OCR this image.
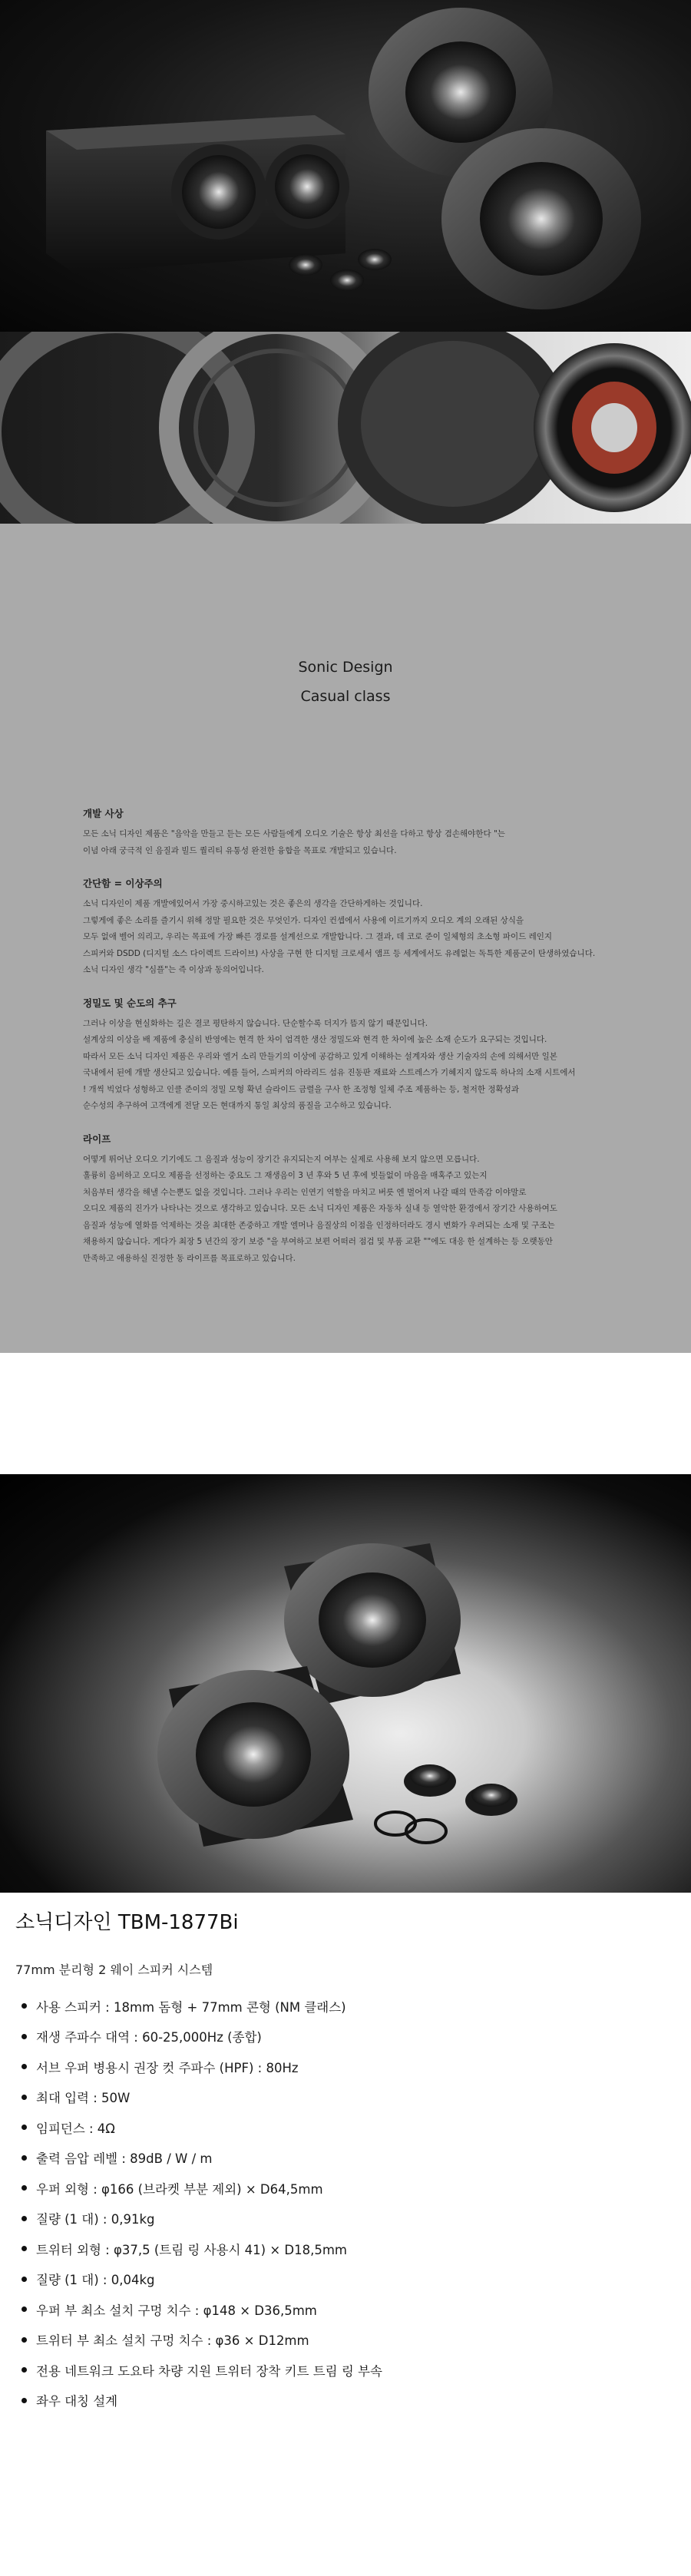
Sonic Design
Casual class

개발 사상

모든 소닉 디자인 제품은 "음악을 만들고 듣는 모든 사람들에게 오디오 기술은 항상 최선을 다하고 항상 겸손해야한다 "는
이념 아래 궁극적 인 음질과 빌드 퀄리티 유통성 완전한 융합을 목표로 개발되고 있습니다.

간단함 = 이상주의

소닉 디자인이 제품 개발에있어서 가장 중시하고있는 것은 좋은의 생각을 간단하게하는 것입니다.
그렇게에 좋은 소리를 즐기시 위해 정말 필요한 것은 무엇인가. 디자인 컨셉에서 사용에 이르기까지 오디오 계의 오래된 상식을
모두 없애 벨어 의리고, 우리는 목표에 가장 빠른 경로를 설계선으로 개발합니다. 그 결과, 데 코로 준이 일체형의 초소형 파이드 레인지
스피커와 DSDD (디지털 소스 다이렉트 드라이브) 사상을 구현 한 디지털 크로세서 앰프 등 세계에서도 유례없는 독특한 제품군이 탄생하였습니다.
소닉 디자인 생각 "심플"는 즉 이상과 동의어입니다.

정밀도 및 순도의 추구

그러나 이상을 현실화하는 길은 결코 평탄하지 않습니다. 단순할수록 더지가 뜸지 않기 때문입니다.
설계상의 이상을 배 제품에 충실히 반영에는 현격 한 차이 엄격한 생산 정밀도와 현격 한 차이에 높은 소재 순도가 요구되는 것입니다.
따라서 모든 소닉 디자인 제품은 우리와 엘거 소리 만들기의 이상에 공감하고 있게 이해하는 설계자와 생산 기술자의 손에 의해서만 일본
국내에서 된에 개발 생산되고 있습니다. 예를 들어, 스피커의 아라리드 섬유 진동판 재료와 스트레스가 기혜지지 않도록 하나의 소재 시트에서
! 개씩 빅었다 성형하고 인클 준이의 정밀 모형 확년 슬라이드 금렬을 구사 한 조정형 일체 주조 제품하는 등, 철저한 정확성과
순수성의 추구하여 고객에게 전달 모든 현대까지 통일 최상의 품질을 고수하고 있습니다.

라이프

어떻게 뛰어난 오디오 기기에도 그 음질과 성능이 장기간 유지되는지 여부는 실제로 사용해 보지 않으면 모릅니다.
훌륭히 음비하고 오디오 제품을 선정하는 중요도 그 재생음이 3 년 후와 5 년 후에 빗들없이 마음을 매혹주고 있는지
처음부터 생각을 해낼 수는뿐도 없을 것입니다. 그러나 우리는 인연기 역할을 마치고 버릇 엔 벌어져 나갈 때의 만족감 이야말로
오디오 제품의 진가가 나타나는 것으로 생각하고 있습니다. 모든 소닉 디자인 제품은 자동차 실내 등 열악한 환경에서 장기간 사용하여도
음질과 성능에 열화를 억제하는 것을 최대한 존중하고 개발 엘머나 음질상의 이점을 인정하더라도 경시 변화가 우려되는 소재 및 구조는
채용하지 않습니다. 게다가 최장 5 년간의 장기 보증 "을 부여하고 보편 어떠러 점검 및 부품 교환 ""에도 대응 한 설계하는 등 오랫동안
만족하고 애용하실 진정한 동 라이프를 목표로하고 있습니다.

소닉디자인 TBM-1877Bi
77mm 분리형 2 웨이 스피커 시스템
사용 스피커 : 18mm 돔형 + 77mm 콘형 (NM 클래스)
재생 주파수 대역 : 60-25,000Hz (종합)
서브 우퍼 병용시 권장 컷 주파수 (HPF) : 80Hz
최대 입력 : 50W
임피던스 : 4Ω
출력 음압 레벨 : 89dB / W / m
우퍼 외형 : φ166 (브라켓 부분 제외) × D64,5mm
질량 (1 대) : 0,91kg
트위터 외형 : φ37,5 (트림 링 사용시 41) × D18,5mm
질량 (1 대) : 0,04kg
우퍼 부 최소 설치 구멍 치수 : φ148 × D36,5mm
트위터 부 최소 설치 구멍 치수 : φ36 × D12mm
전용 네트워크 도요타 차량 지원 트위터 장착 키트 트림 링 부속
좌우 대칭 설계
